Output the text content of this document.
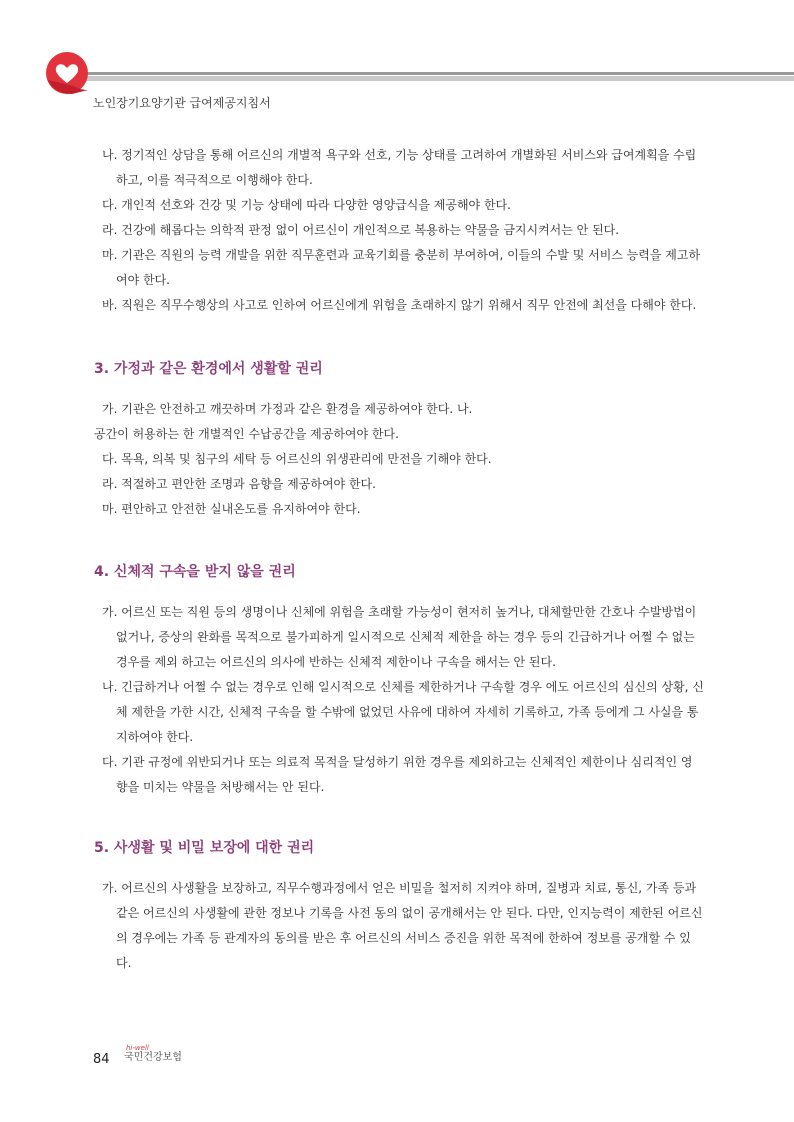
노인장기요양기관 급여제공지침서

나. 정기적인 상담을 통해 어르신의 개별적 욕구와 선호, 기능 상태를 고려하여 개별화된 서비스와 급여계획을 수립하고, 이를 적극적으로 이행해야 한다.

다. 개인적 선호와 건강 및 기능 상태에 따라 다양한 영양급식을 제공해야 한다.

라. 건강에 해롭다는 의학적 판정 없이 어르신이 개인적으로 복용하는 약물을 금지시켜서는 안 된다.

마. 기관은 직원의 능력 개발을 위한 직무훈련과 교육기회를 충분히 부여하여, 이들의 수발 및 서비스 능력을 제고하여야 한다.

바. 직원은 직무수행상의 사고로 인하여 어르신에게 위험을 초래하지 않기 위해서 직무 안전에 최선을 다해야 한다.

3. 가정과 같은 환경에서 생활할 권리

가. 기관은 안전하고 깨끗하며 가정과 같은 환경을 제공하여야 한다. 나.

공간이 허용하는 한 개별적인 수납공간을 제공하여야 한다.

다. 목욕, 의복 및 침구의 세탁 등 어르신의 위생관리에 만전을 기해야 한다.

라. 적절하고 편안한 조명과 음향을 제공하여야 한다.

마. 편안하고 안전한 실내온도를 유지하여야 한다.

4. 신체적 구속을 받지 않을 권리

가. 어르신 또는 직원 등의 생명이나 신체에 위험을 초래할 가능성이 현저히 높거나, 대체할만한 간호나 수발방법이 없거나, 증상의 완화를 목적으로 불가피하게 일시적으로 신체적 제한을 하는 경우 등의 긴급하거나 어쩔 수 없는 경우를 제외 하고는 어르신의 의사에 반하는 신체적 제한이나 구속을 해서는 안 된다.

나. 긴급하거나 어쩔 수 없는 경우로 인해 일시적으로 신체를 제한하거나 구속할 경우 에도 어르신의 심신의 상황, 신체 제한을 가한 시간, 신체적 구속을 할 수밖에 없었던 사유에 대하여 자세히 기록하고, 가족 등에게 그 사실을 통지하여야 한다.

다. 기관 규정에 위반되거나 또는 의료적 목적을 달성하기 위한 경우를 제외하고는 신체적인 제한이나 심리적인 영향을 미치는 약물을 처방해서는 안 된다.

5. 사생활 및 비밀 보장에 대한 권리

가. 어르신의 사생활을 보장하고, 직무수행과정에서 얻은 비밀을 철저히 지켜야 하며, 질병과 치료, 통신, 가족 등과 같은 어르신의 사생활에 관한 정보나 기록을 사전 동의 없이 공개해서는 안 된다. 다만, 인지능력이 제한된 어르신의 경우에는 가족 등 관계자의 동의를 받은 후 어르신의 서비스 증진을 위한 목적에 한하여 정보를 공개할 수 있다.

84
hi-well
국민건강보험
